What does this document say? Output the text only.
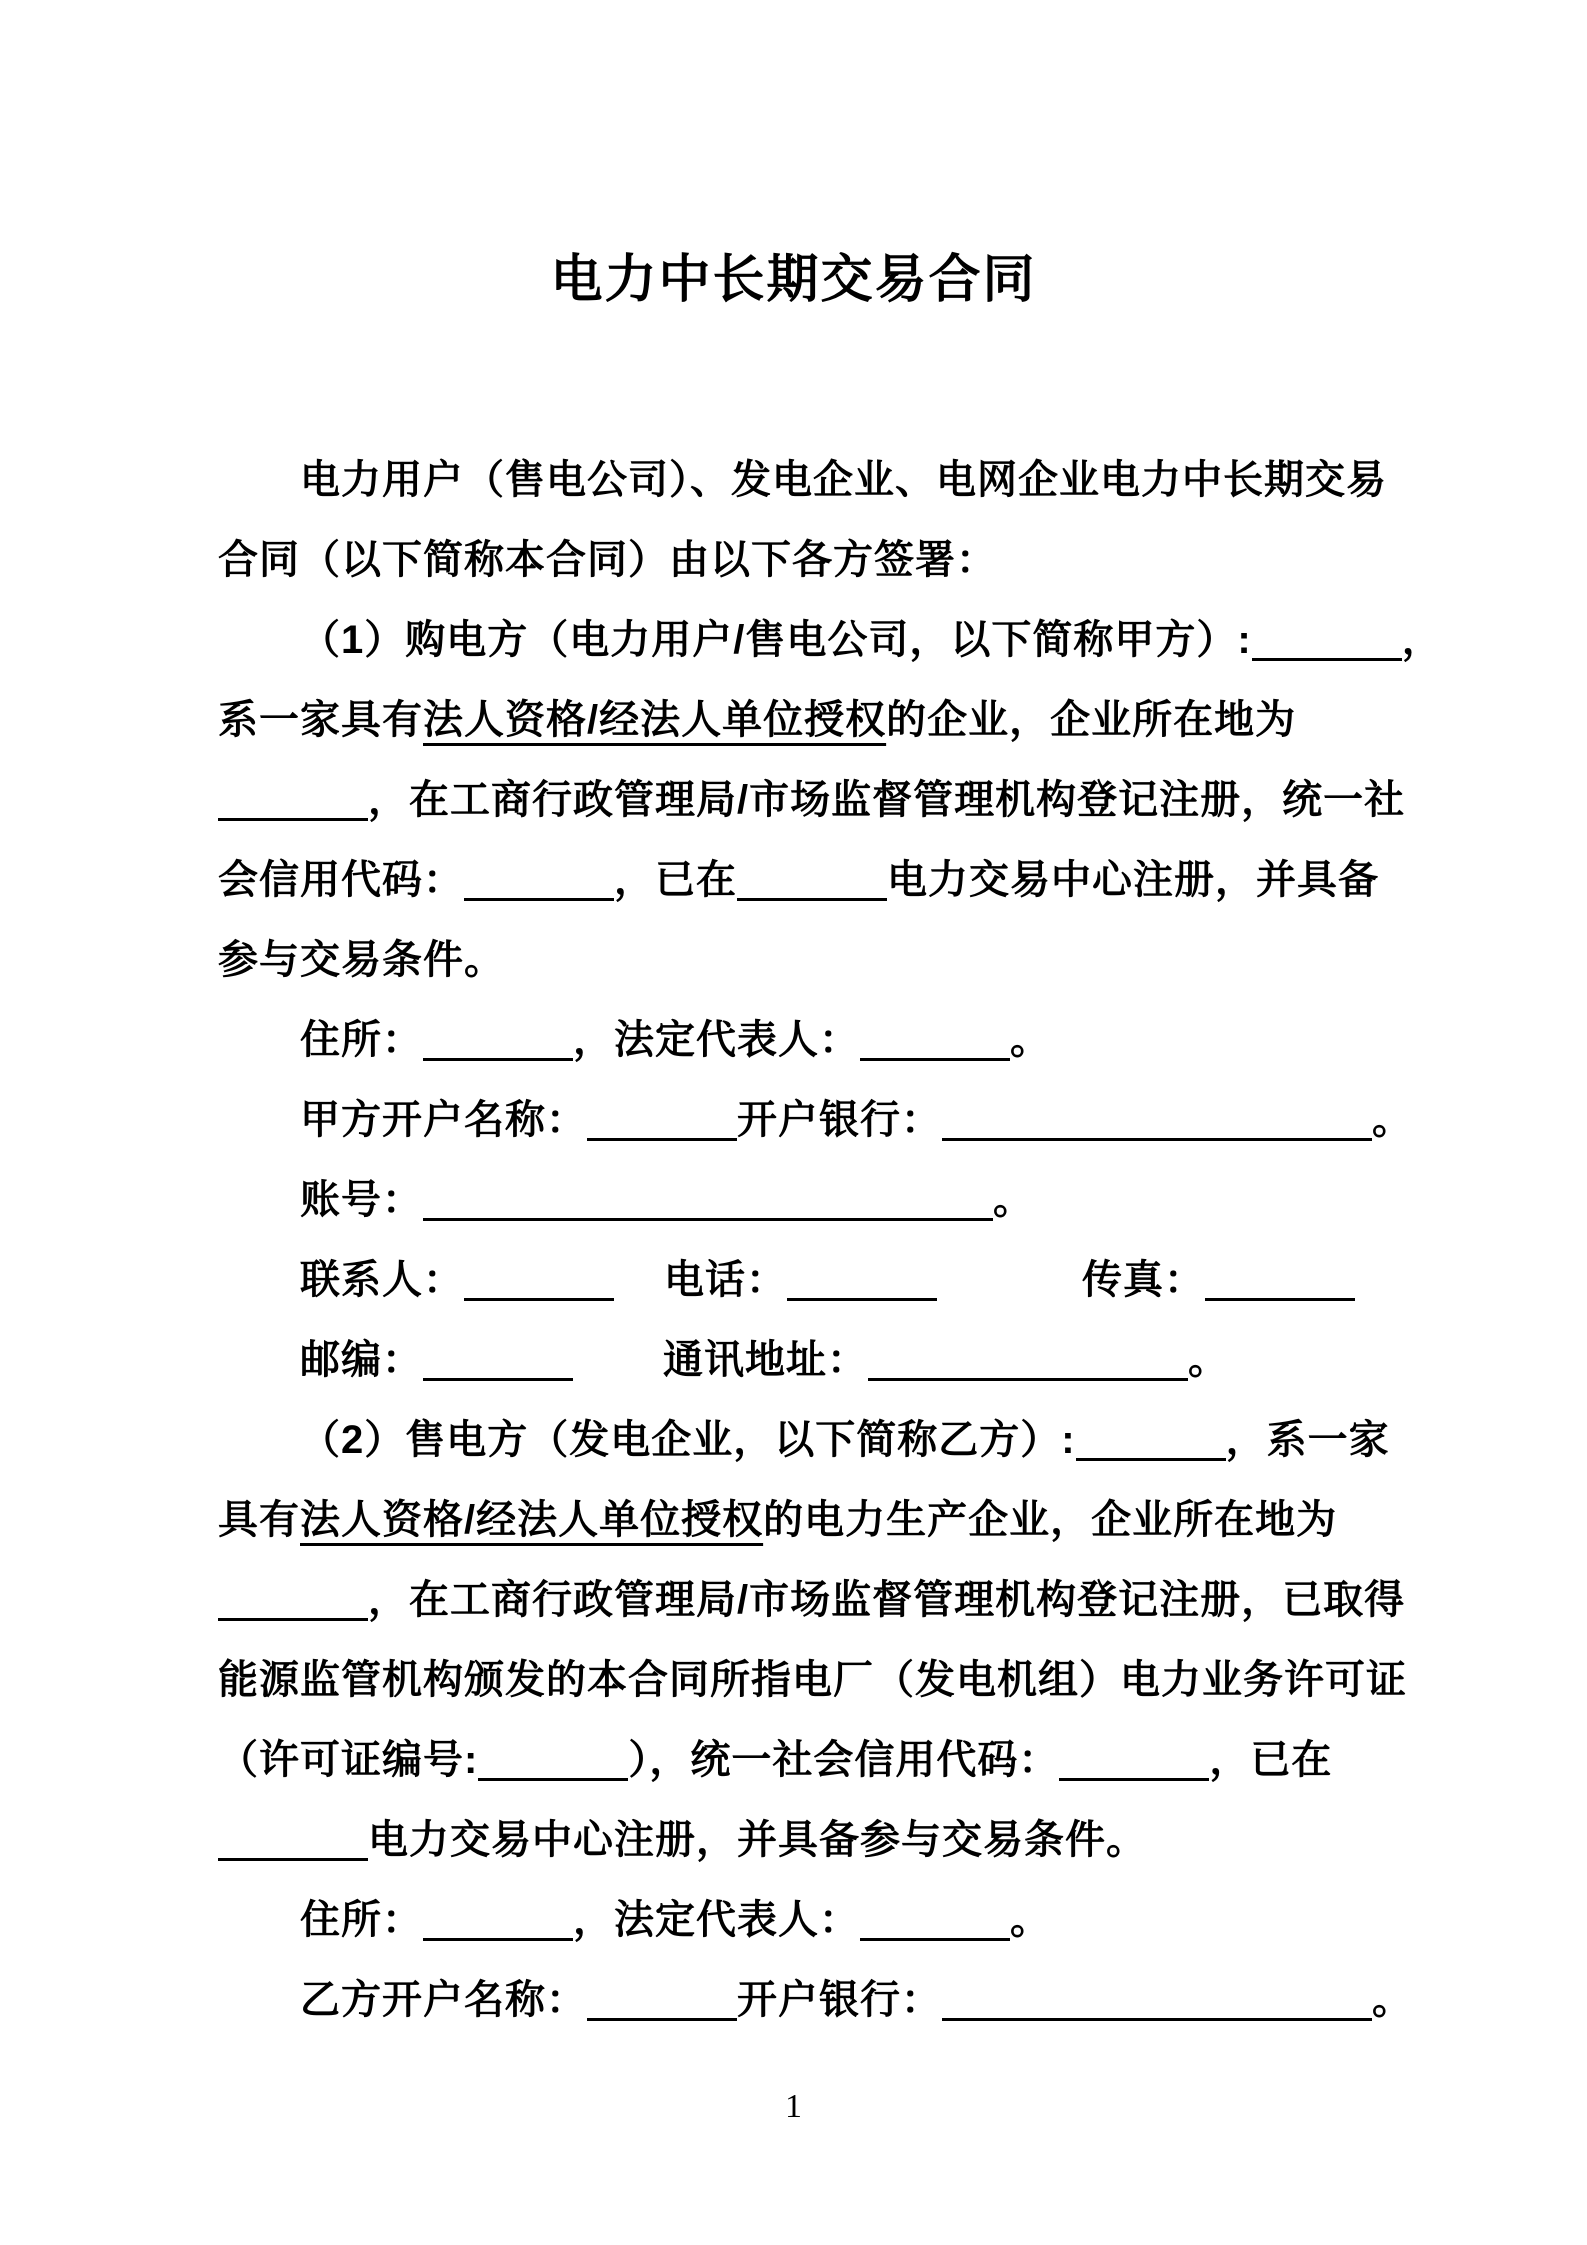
电力中长期交易合同
电力用户（售电公司）、发电企业、电网企业电力中长期交易
合同（以下简称本合同）由以下各方签署：
（1）购电方（电力用户/售电公司，以下简称甲方）:	，
系一家具有法人资格/经法人单位授权的企业，企业所在地为
，在工商行政管理局/市场监督管理机构登记注册，统一社
会信用代码：	，已在	电力交易中心注册，并具备
参与交易条件。
住所：	，法定代表人：	。
甲方开户名称：	开户银行：	。
账号：	。
联系人：	电话：	传真：
邮编：	通讯地址：	。
（2）售电方（发电企业，以下简称乙方）:	，系一家
具有法人资格/经法人单位授权的电力生产企业，企业所在地为
，在工商行政管理局/市场监督管理机构登记注册，已取得
能源监管机构颁发的本合同所指电厂（发电机组）电力业务许可证
（许可证编号:	），统一社会信用代码：	，已在
电力交易中心注册，并具备参与交易条件。
住所：	，法定代表人：	。
乙方开户名称：	开户银行：	。
1
